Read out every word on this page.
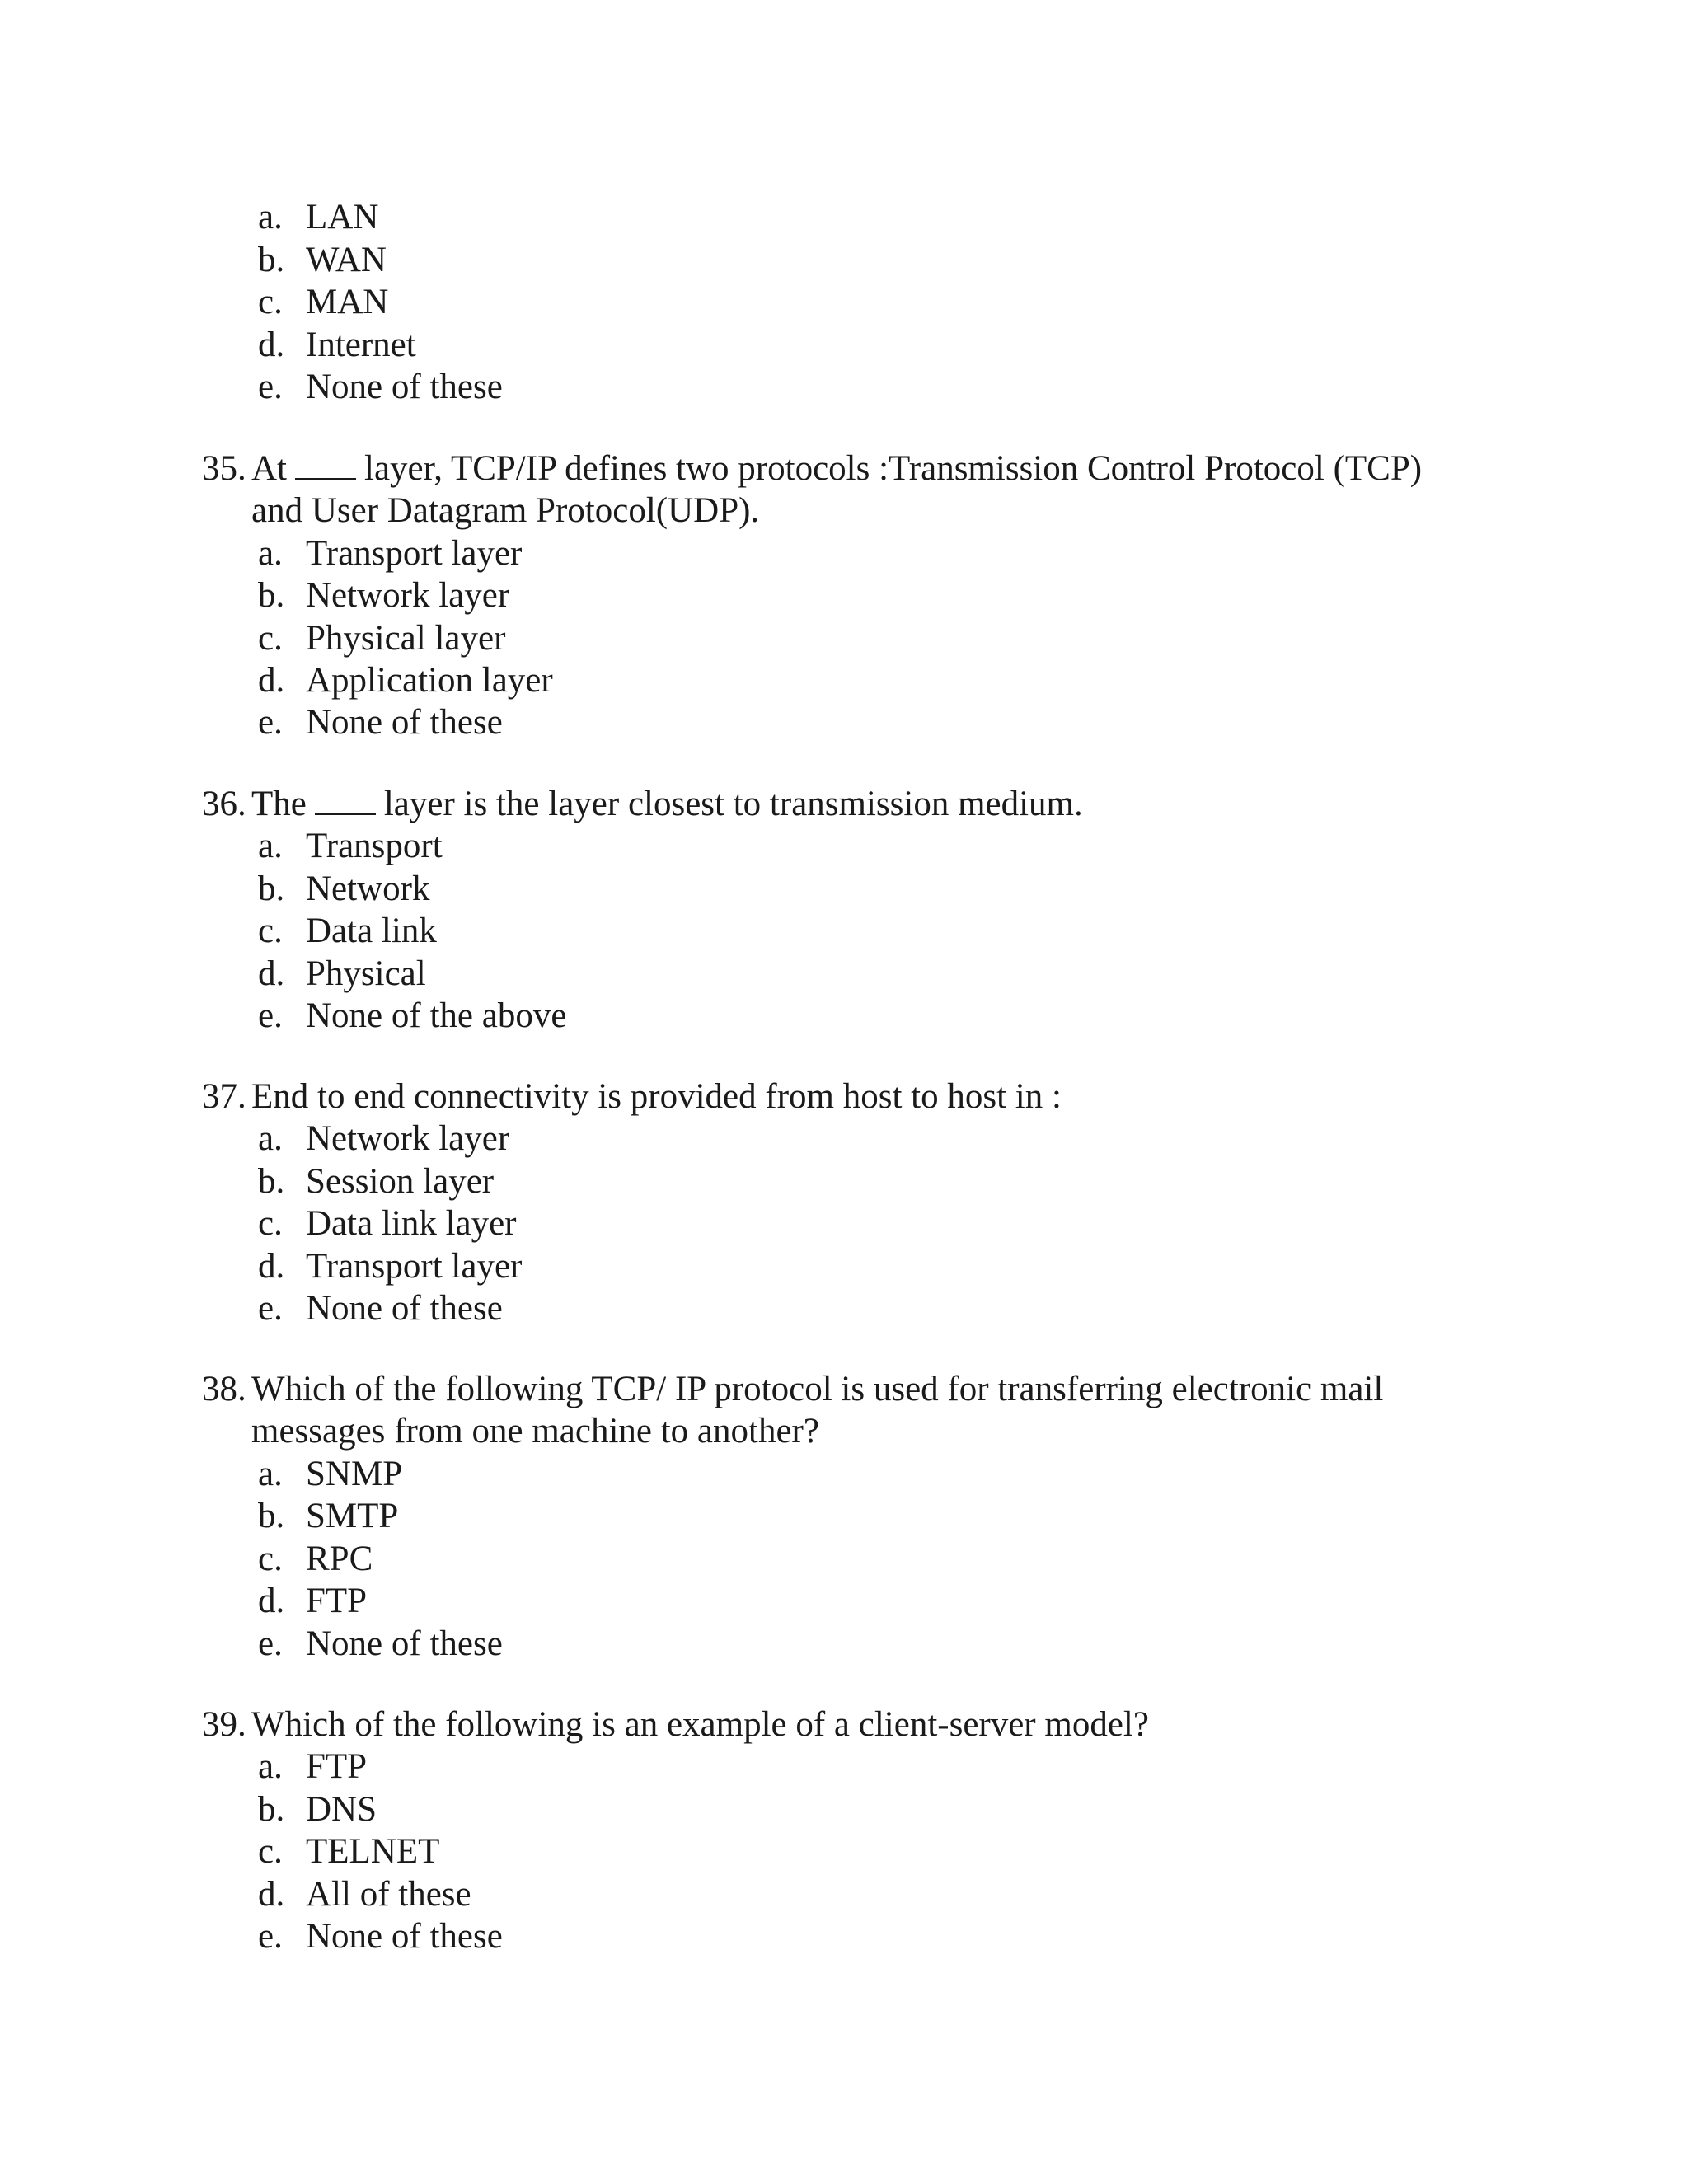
a. LAN
b. WAN
c. MAN
d. Internet
e. None of these
35. At layer, TCP/IP defines two protocols :Transmission Control Protocol (TCP)
and User Datagram Protocol(UDP).
a. Transport layer
b. Network layer
c. Physical layer
d. Application layer
e. None of these
36. The layer is the layer closest to transmission medium.
a. Transport
b. Network
c. Data link
d. Physical
e. None of the above
37. End to end connectivity is provided from host to host in :
a. Network layer
b. Session layer
c. Data link layer
d. Transport layer
e. None of these
38. Which of the following TCP/ IP protocol is used for transferring electronic mail
messages from one machine to another?
a. SNMP
b. SMTP
c. RPC
d. FTP
e. None of these
39. Which of the following is an example of a client-server model?
a. FTP
b. DNS
c. TELNET
d. All of these
e. None of these
